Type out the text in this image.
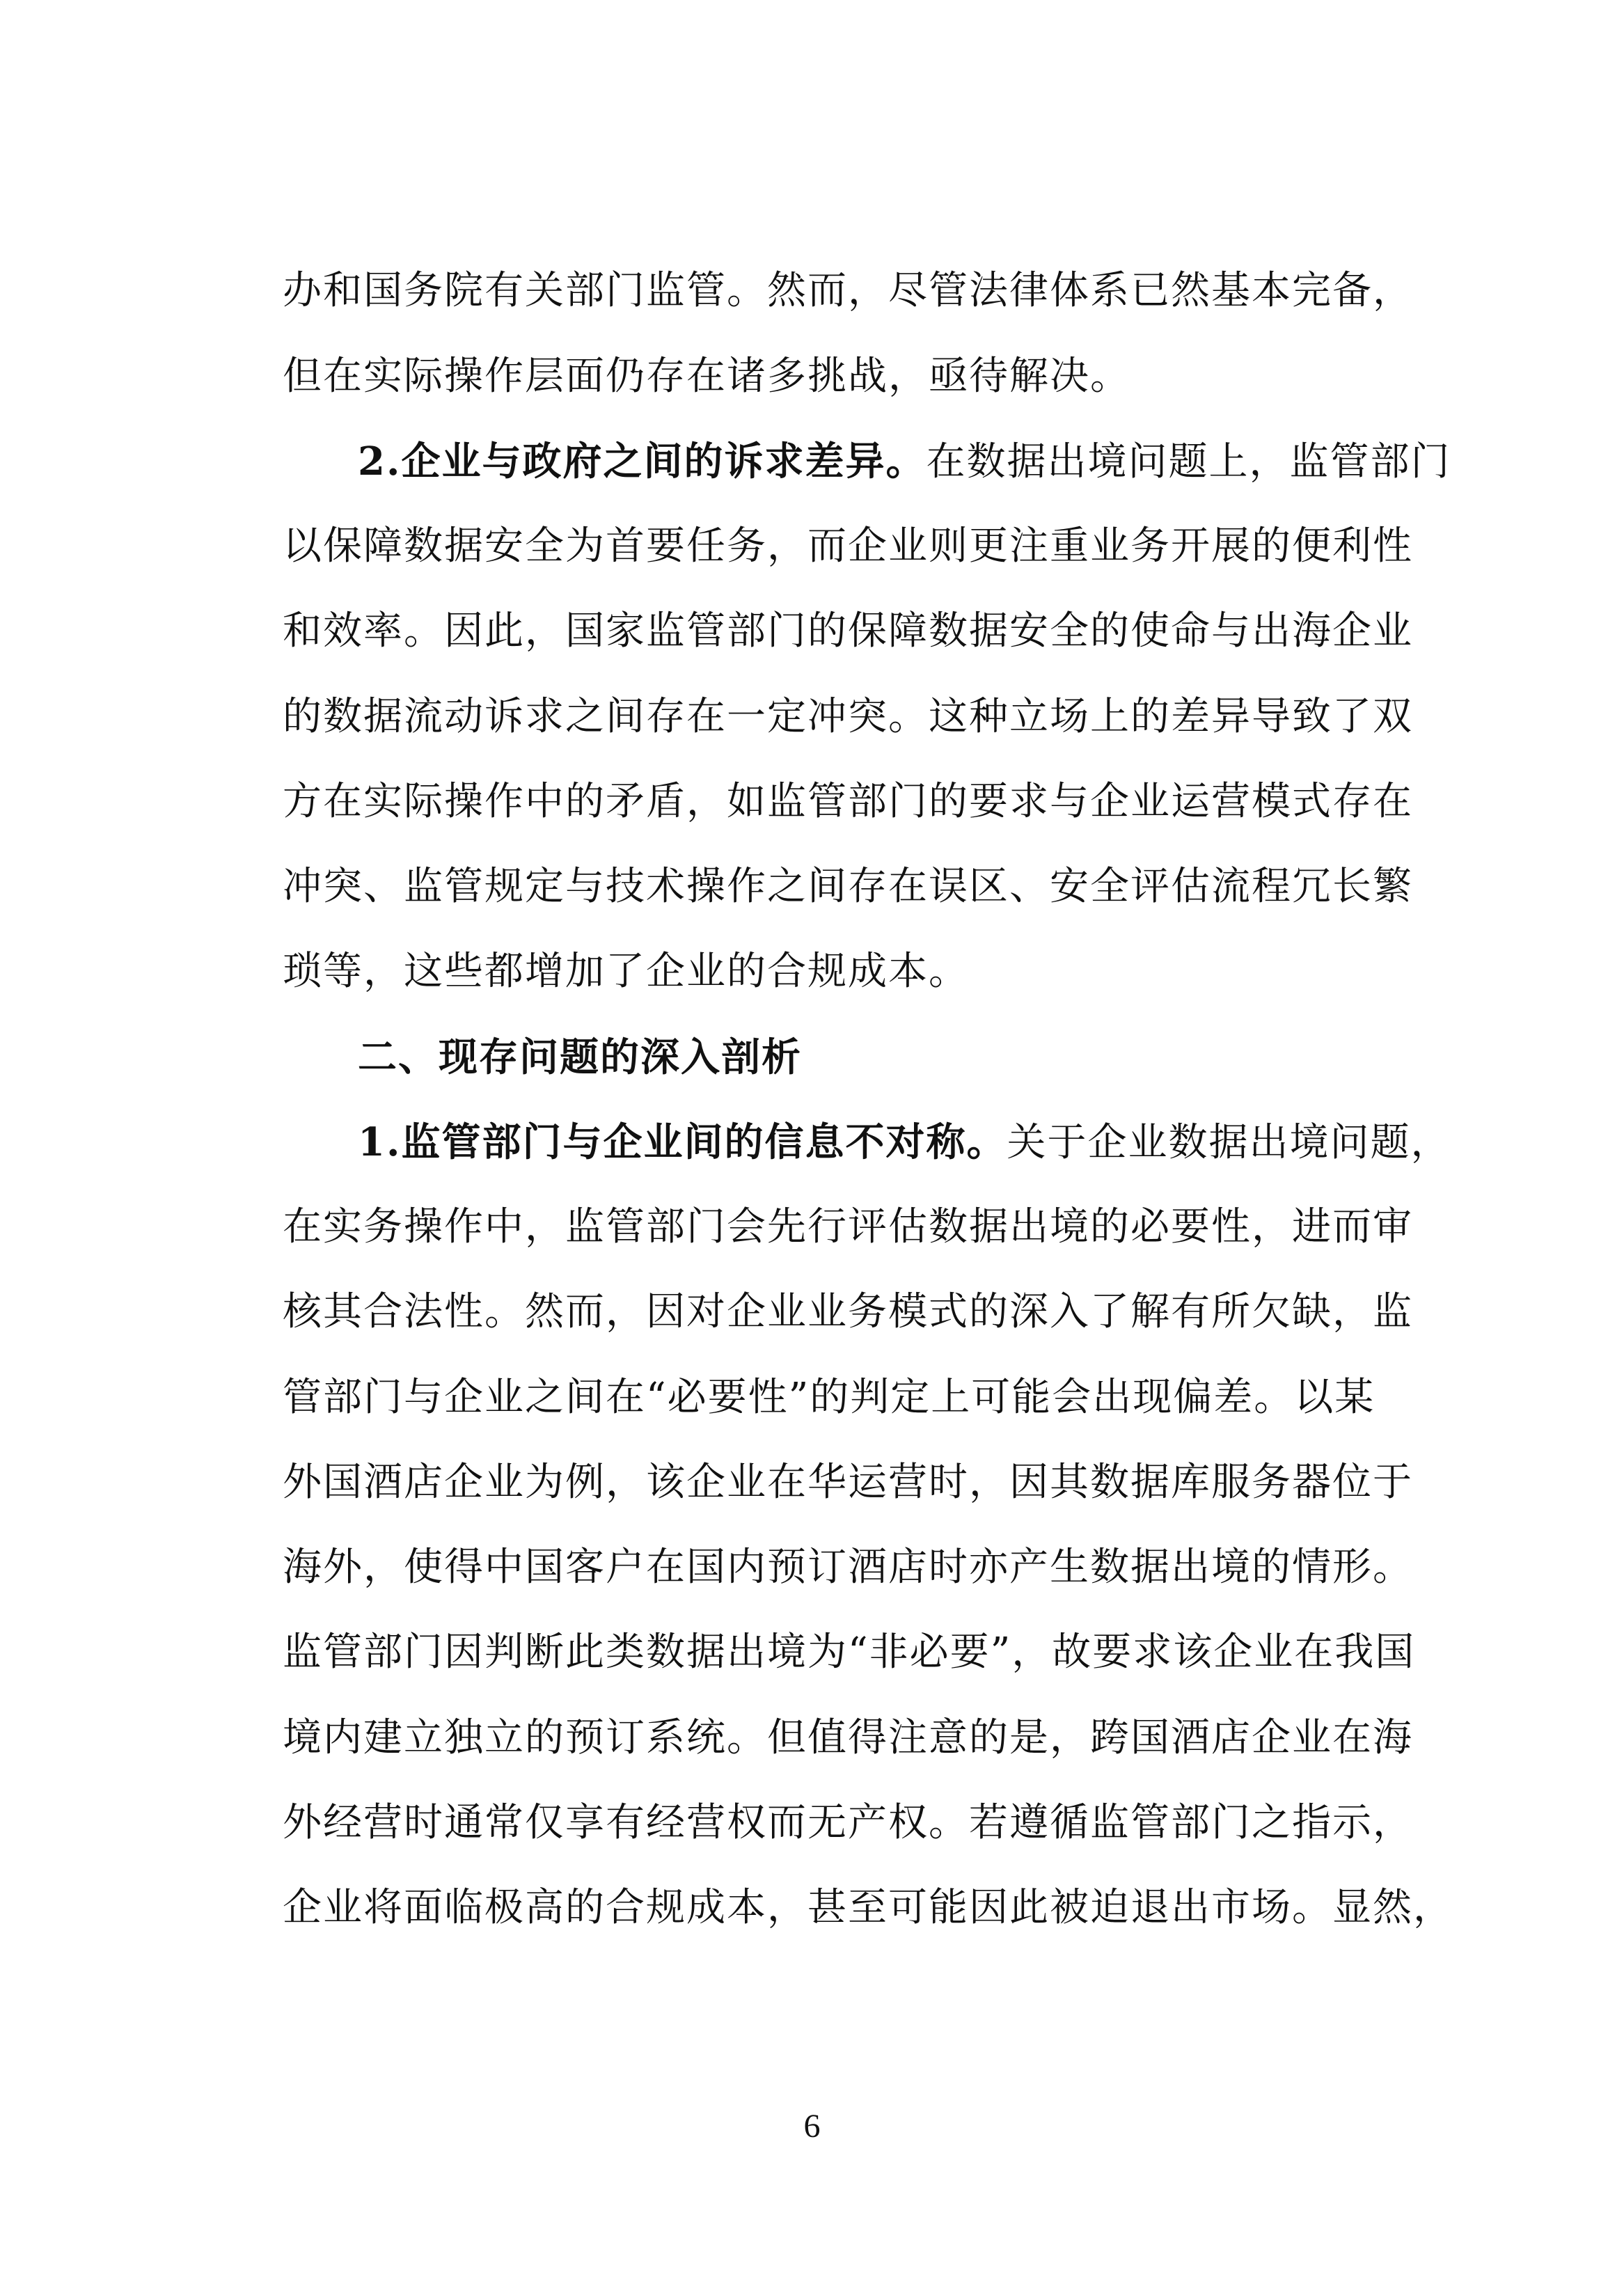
办和国务院有关部门监管。然而，尽管法律体系已然基本完备，
但在实际操作层面仍存在诸多挑战，亟待解决。
2.企业与政府之间的诉求差异。在数据出境问题上，监管部门
以保障数据安全为首要任务，而企业则更注重业务开展的便利性
和效率。因此，国家监管部门的保障数据安全的使命与出海企业
的数据流动诉求之间存在一定冲突。这种立场上的差异导致了双
方在实际操作中的矛盾，如监管部门的要求与企业运营模式存在
冲突、监管规定与技术操作之间存在误区、安全评估流程冗长繁
琐等，这些都增加了企业的合规成本。
二、现存问题的深入剖析
1.监管部门与企业间的信息不对称。关于企业数据出境问题，
在实务操作中，监管部门会先行评估数据出境的必要性，进而审
核其合法性。然而，因对企业业务模式的深入了解有所欠缺，监
管部门与企业之间在“必要性”的判定上可能会出现偏差。以某
外国酒店企业为例，该企业在华运营时，因其数据库服务器位于
海外，使得中国客户在国内预订酒店时亦产生数据出境的情形。
监管部门因判断此类数据出境为“非必要”，故要求该企业在我国
境内建立独立的预订系统。但值得注意的是，跨国酒店企业在海
外经营时通常仅享有经营权而无产权。若遵循监管部门之指示，
企业将面临极高的合规成本，甚至可能因此被迫退出市场。显然，
6
